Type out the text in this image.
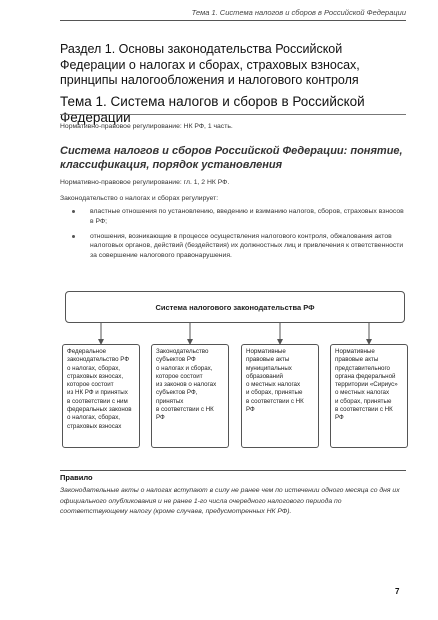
Тема 1. Система налогов и сборов в Российской Федерации
Раздел 1. Основы законодательства Российской Федерации о налогах и сборах, страховых взносах, принципы налогообложения и налогового контроля
Тема 1. Система налогов и сборов в Российской Федерации

Нормативно-правовое регулирование: НК РФ, 1 часть.

Система налогов и сборов Российской Федерации: понятие, классификация, порядок установления

Нормативно-правовое регулирование: гл. 1, 2 НК РФ.

Законодательство о налогах и сборах регулирует:

властные отношения по установлению, введению и взиманию налогов, сборов, страховых взносов в РФ;
отношения, возникающие в процессе осуществления налогового контроля, обжалования актов налоговых органов, действий (бездействия) их должностных лиц и привлечения к ответственности за совершение налогового правонарушения.
Система налогового законодательства РФ
Федеральное
законодательство РФ
о налогах, сборах,
страховых взносах,
которое состоит
из НК РФ и принятых
в соответствии с ним
федеральных законов
о налогах, сборах,
страховых взносах
Законодательство
субъектов РФ
о налогах и сборах,
которое состоит
из законов о налогах
субъектов РФ,
принятых
в соответствии с НК РФ
Нормативные
правовые акты
муниципальных
образований
о местных налогах
и сборах, принятые
в соответствии с НК РФ
Нормативные
правовые акты
представительного
органа федеральной
территории «Сириус»
о местных налогах
и сборах, принятые
в соответствии с НК РФ
Правило

Законодательные акты о налогах вступают в силу не ранее чем по истечении одного месяца со дня их официального опубликования и не ранее 1-го числа очередного налогового периода по соответствующему налогу (кроме случаев, предусмотренных НК РФ).

7
